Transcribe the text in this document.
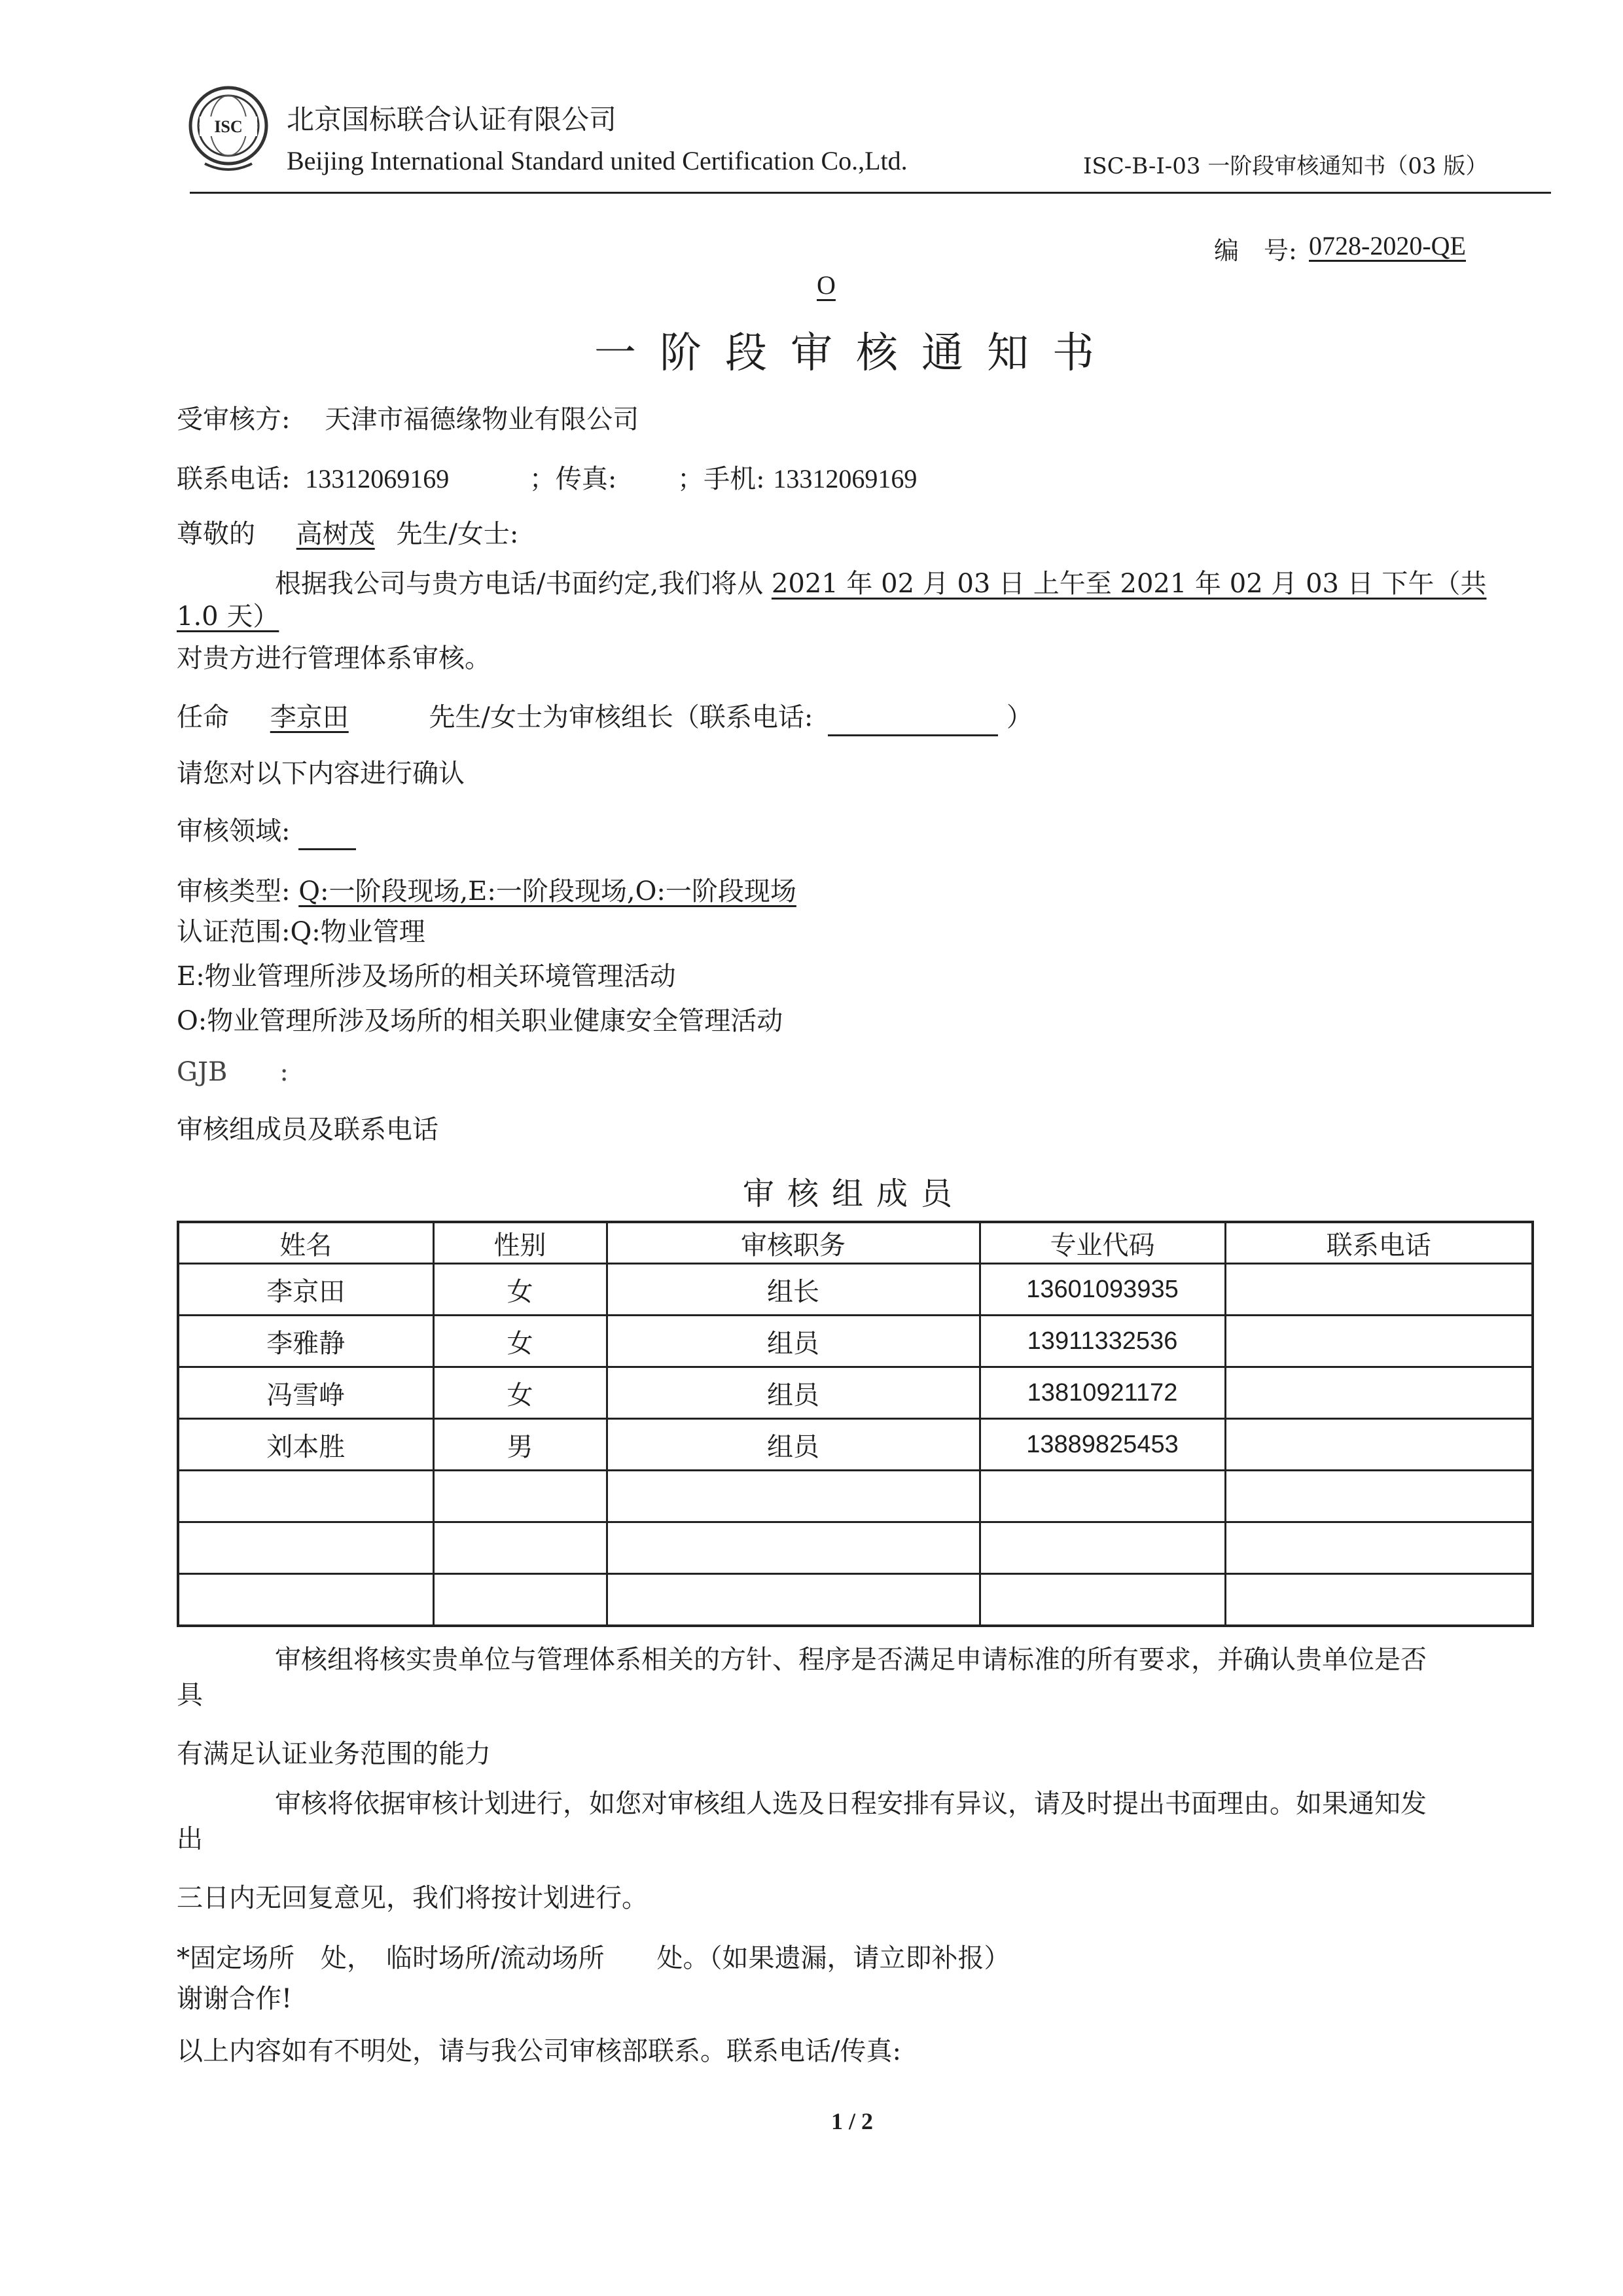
ISC 北京国标联合认证有限公司
Beijing International Standard united Certification Co.,Ltd.	ISC-B-I-03 一阶段审核通知书（03 版）
编　号: 0728-2020-QE
O
一阶段审核通知书
受审核方: 天津市福德缘物业有限公司
联系电话: 13312069169	；传真: ；手机: 13312069169
尊敬的 高树茂 先生/女士:
根据我公司与贵方电话/书面约定,我们将从 2021 年 02 月 03 日 上午至 2021 年 02 月 03 日 下午（共
1.0 天）
对贵方进行管理体系审核。
任命 李京田	先生/女士为审核组长（联系电话:	）
请您对以下内容进行确认
审核领域:
审核类型: Q:一阶段现场,E:一阶段现场,O:一阶段现场
认证范围:Q:物业管理
E:物业管理所涉及场所的相关环境管理活动
O:物业管理所涉及场所的相关职业健康安全管理活动
GJB　　:
审核组成员及联系电话
审核组成员
姓名	性别	审核职务	专业代码	联系电话
李京田	女	组长	13601093935	
李雅静	女	组员	13911332536	
冯雪峥	女	组员	13810921172	
刘本胜	男	组员	13889825453	

审核组将核实贵单位与管理体系相关的方针、程序是否满足申请标准的所有要求，并确认贵单位是否
具
有满足认证业务范围的能力
审核将依据审核计划进行，如您对审核组人选及日程安排有异议，请及时提出书面理由。如果通知发
出
三日内无回复意见，我们将按计划进行。
*固定场所　处，　临时场所/流动场所　　处。（如果遗漏，请立即补报）
谢谢合作!
以上内容如有不明处，请与我公司审核部联系。联系电话/传真:
1 / 2
